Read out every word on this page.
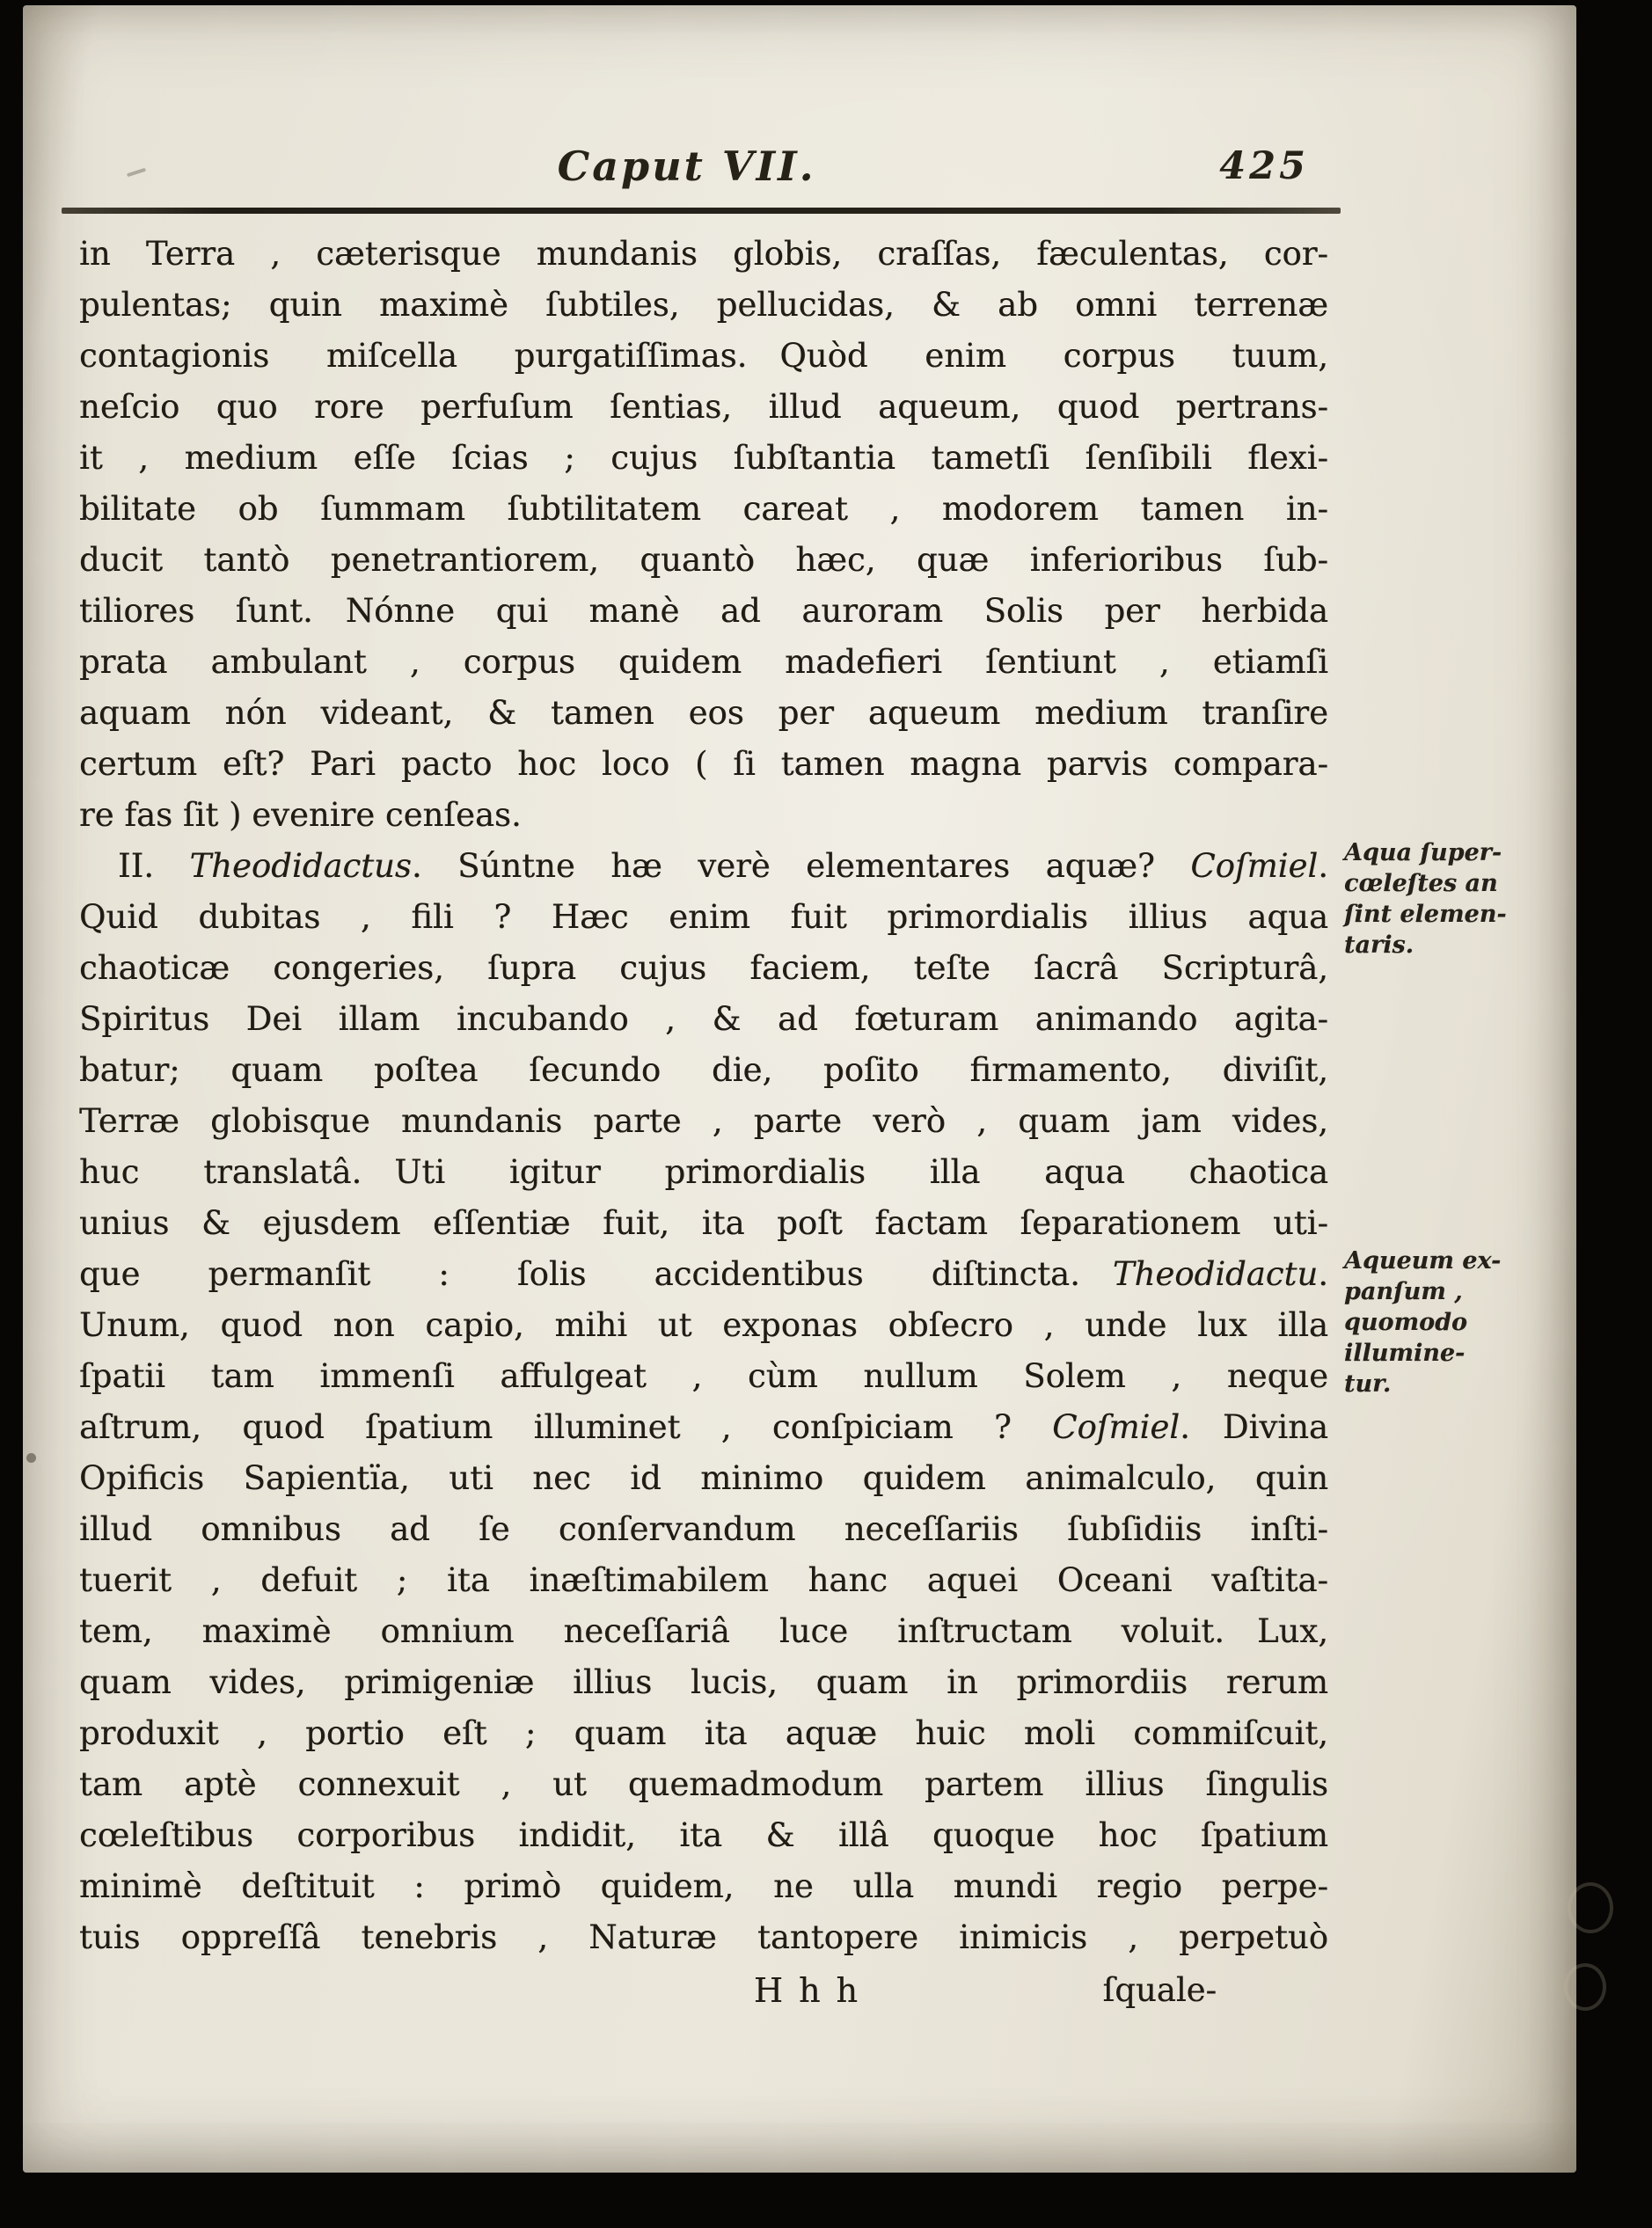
Caput VII.	425
in Terra , cæterisque mundanis globis, craſſas, fæculentas, cor-
pulentas; quin maximè ſubtiles, pellucidas, & ab omni terrenæ
contagionis miſcella purgatiſſimas. Quòd enim corpus tuum,
neſcio quo rore perfuſum ſentias, illud aqueum, quod pertrans-
it , medium eſſe ſcias ; cujus ſubſtantia tametſi ſenſibili flexi-
bilitate ob ſummam ſubtilitatem careat , modorem tamen in-
ducit tantò penetrantiorem, quantò hæc, quæ inferioribus ſub-
tiliores ſunt. Nónne qui manè ad auroram Solis per herbida
prata ambulant , corpus quidem madefieri ſentiunt , etiamſi
aquam nón videant, & tamen eos per aqueum medium tranſire
certum eſt? Pari pacto hoc loco ( ſi tamen magna parvis compara-
re fas ſit ) evenire cenſeas.
II. Theodidactus. Súntne hæ verè elementares aquæ? Coſmiel.
Quid dubitas , fili ? Hæc enim fuit primordialis illius aqua
chaoticæ congeries, ſupra cujus faciem, teſte ſacrâ Scripturâ,
Spiritus Dei illam incubando , & ad fœturam animando agita-
batur; quam poſtea ſecundo die, poſito firmamento, diviſit,
Terræ globisque mundanis parte , parte verò , quam jam vides,
huc translatâ. Uti igitur primordialis illa aqua chaotica
unius & ejusdem eſſentiæ fuit, ita poſt factam ſeparationem uti-
que permanſit : ſolis accidentibus diſtincta. Theodidactu.
Unum, quod non capio, mihi ut exponas obſecro , unde lux illa
ſpatii tam immenſi affulgeat , cùm nullum Solem , neque
aſtrum, quod ſpatium illuminet , conſpiciam ? Coſmiel. Divina
Opificis Sapientïa, uti nec id minimo quidem animalculo, quin
illud omnibus ad ſe conſervandum neceſſariis ſubſidiis inſti-
tuerit , defuit ; ita inæſtimabilem hanc aquei Oceani vaſtita-
tem, maximè omnium neceſſariâ luce inſtructam voluit. Lux,
quam vides, primigeniæ illius lucis, quam in primordiis rerum
produxit , portio eſt ; quam ita aquæ huic moli commiſcuit,
tam aptè connexuit , ut quemadmodum partem illius ſingulis
cœleſtibus corporibus indidit, ita & illâ quoque hoc ſpatium
minimè deſtituit : primò quidem, ne ulla mundi regio perpe-
tuis oppreſſâ tenebris , Naturæ tantopere inimicis , perpetuò
Hhh	ſquale-
Aqua ſuper-
cœleſtes an
ſint elemen-
taris.
Aqueum ex-
panſum ,
quomodo
illumine-
tur.
